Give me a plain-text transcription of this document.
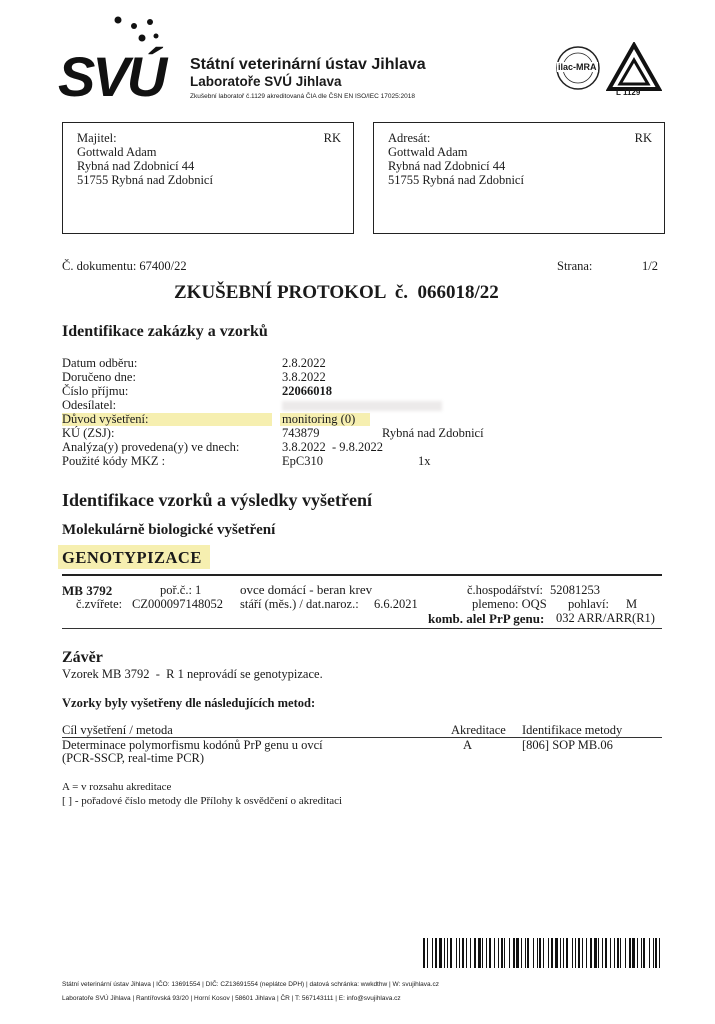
SVÚ Státní veterinární ústav Jihlava
Laboratoře SVÚ Jihlava
Zkušební laboratoř č.1129 akreditovaná ČIA dle ČSN EN ISO/IEC 17025:2018
ilac-MRA
L 1129
Majitel:	RK
Gottwald Adam
Rybná nad Zdobnicí 44
51755 Rybná nad Zdobnicí
Adresát:	RK
Gottwald Adam
Rybná nad Zdobnicí 44
51755 Rybná nad Zdobnicí
Č. dokumentu: 67400/22	Strana:	1/2
ZKUŠEBNÍ PROTOKOL  č.  066018/22
Identifikace zakázky a vzorků
Datum odběru:	2.8.2022
Doručeno dne:	3.8.2022
Číslo příjmu:	22066018
Odesílatel:
Důvod vyšetření:	monitoring (0)
KÚ (ZSJ):	743879	Rybná nad Zdobnicí
Analýza(y) provedena(y) ve dnech:	3.8.2022  - 9.8.2022
Použité kódy MKZ :	EpC310	1x
Identifikace vzorků a výsledky vyšetření
Molekulárně biologické vyšetření
GENOTYPIZACE
MB 3792	poř.č.: 1	ovce domácí - beran krev	č.hospodářství: 52081253
č.zvířete: CZ000097148052 stáří (měs.) / dat.naroz.: 6.6.2021	plemeno: OQS pohlaví: M
komb. alel PrP genu: 032 ARR/ARR(R1)
Závěr
Vzorek MB 3792  -  R 1 neprovádí se genotypizace.
Vzorky byly vyšetřeny dle následujících metod:
Cíl vyšetření / metoda	Akreditace Identifikace metody
Determinace polymorfismu kodónů PrP genu u ovcí
(PCR-SSCP, real-time PCR)
A	[806] SOP MB.06
A = v rozsahu akreditace
[ ] - pořadové číslo metody dle Přílohy k osvědčení o akreditaci
Státní veterinární ústav Jihlava | IČO: 13691554 | DIČ: CZ13691554 (neplátce DPH) | datová schránka: wwkdthw | W: svujihlava.cz
Laboratoře SVÚ Jihlava | Rantířovská 93/20 | Horní Kosov | 58601 Jihlava | ČR | T: 567143111 | E: info@svujihlava.cz
